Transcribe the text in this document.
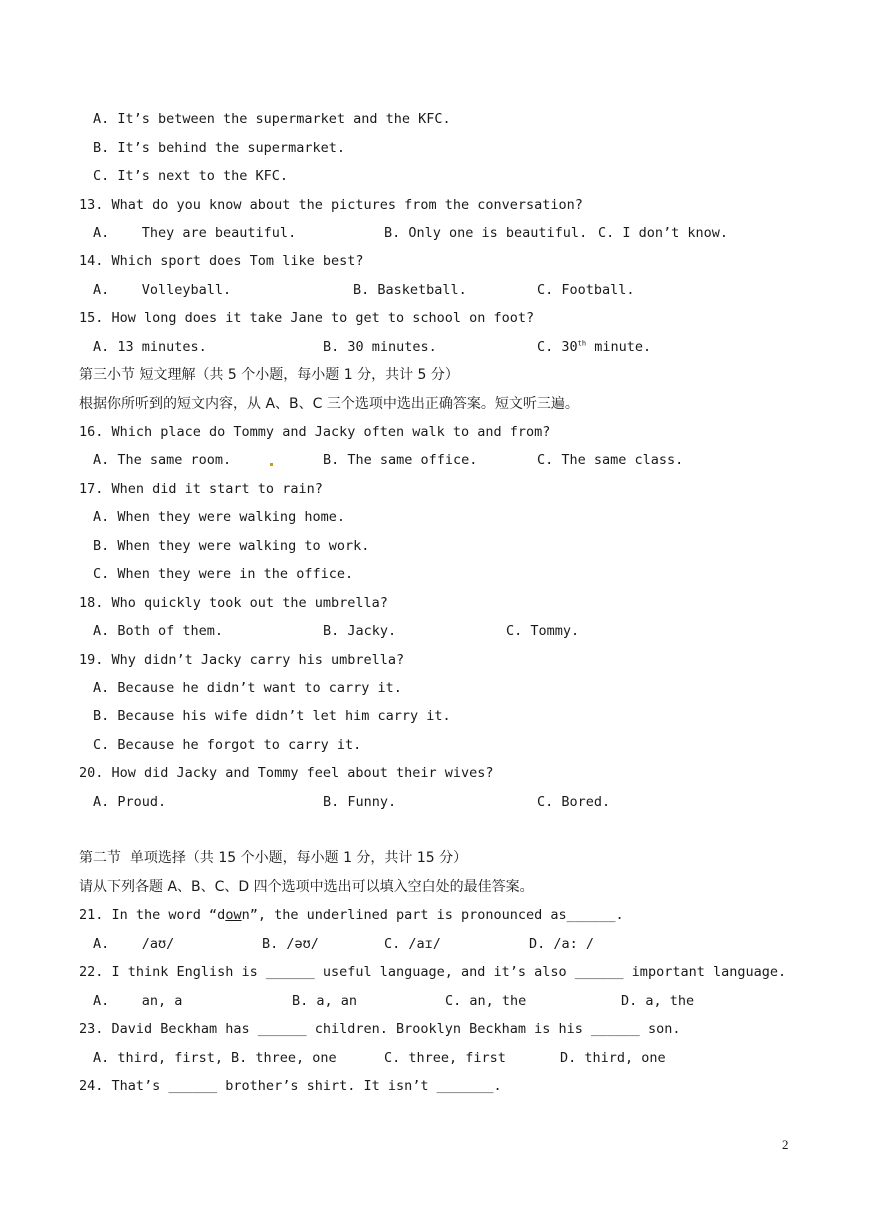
A. It’s between the supermarket and the KFC.
B. It’s behind the supermarket.
C. It’s next to the KFC.
13. What do you know about the pictures from the conversation?
A.    They are beautiful.	B. Only one is beautiful. C. I don’t know.
14. Which sport does Tom like best?
A.    Volleyball.	B. Basketball.	C. Football.
15. How long does it take Jane to get to school on foot?
A. 13 minutes.	B. 30 minutes.	C. 30th minute.
第三小节 短文理解（共 5 个小题，每小题 1 分，共计 5 分）
根据你所听到的短文内容，从 A、B、C 三个选项中选出正确答案。短文听三遍。
16. Which place do Tommy and Jacky often walk to and from?
A. The same room.	B. The same office.	C. The same class.
17. When did it start to rain?
A. When they were walking home.
B. When they were walking to work.
C. When they were in the office.
18. Who quickly took out the umbrella?
A. Both of them.	B. Jacky.	C. Tommy.
19. Why didn’t Jacky carry his umbrella?
A. Because he didn’t want to carry it.
B. Because his wife didn’t let him carry it.
C. Because he forgot to carry it.
20. How did Jacky and Tommy feel about their wives?
A. Proud.	B. Funny.	C. Bored.
第二节  单项选择（共 15 个小题，每小题 1 分，共计 15 分）
请从下列各题 A、B、C、D 四个选项中选出可以填入空白处的最佳答案。
21. In the word “down”, the underlined part is pronounced as______.
A.    /aʊ/	B. /əʊ/	C. /aɪ/	D. /a: /
22. I think English is ______ useful language, and it’s also ______ important language.
A.    an, a	B. a, an	C. an, the	D. a, the
23. David Beckham has ______ children. Brooklyn Beckham is his ______ son.
A. third, first, B. three, one	C. three, first	D. third, one
24. That’s ______ brother’s shirt. It isn’t _______.
2
